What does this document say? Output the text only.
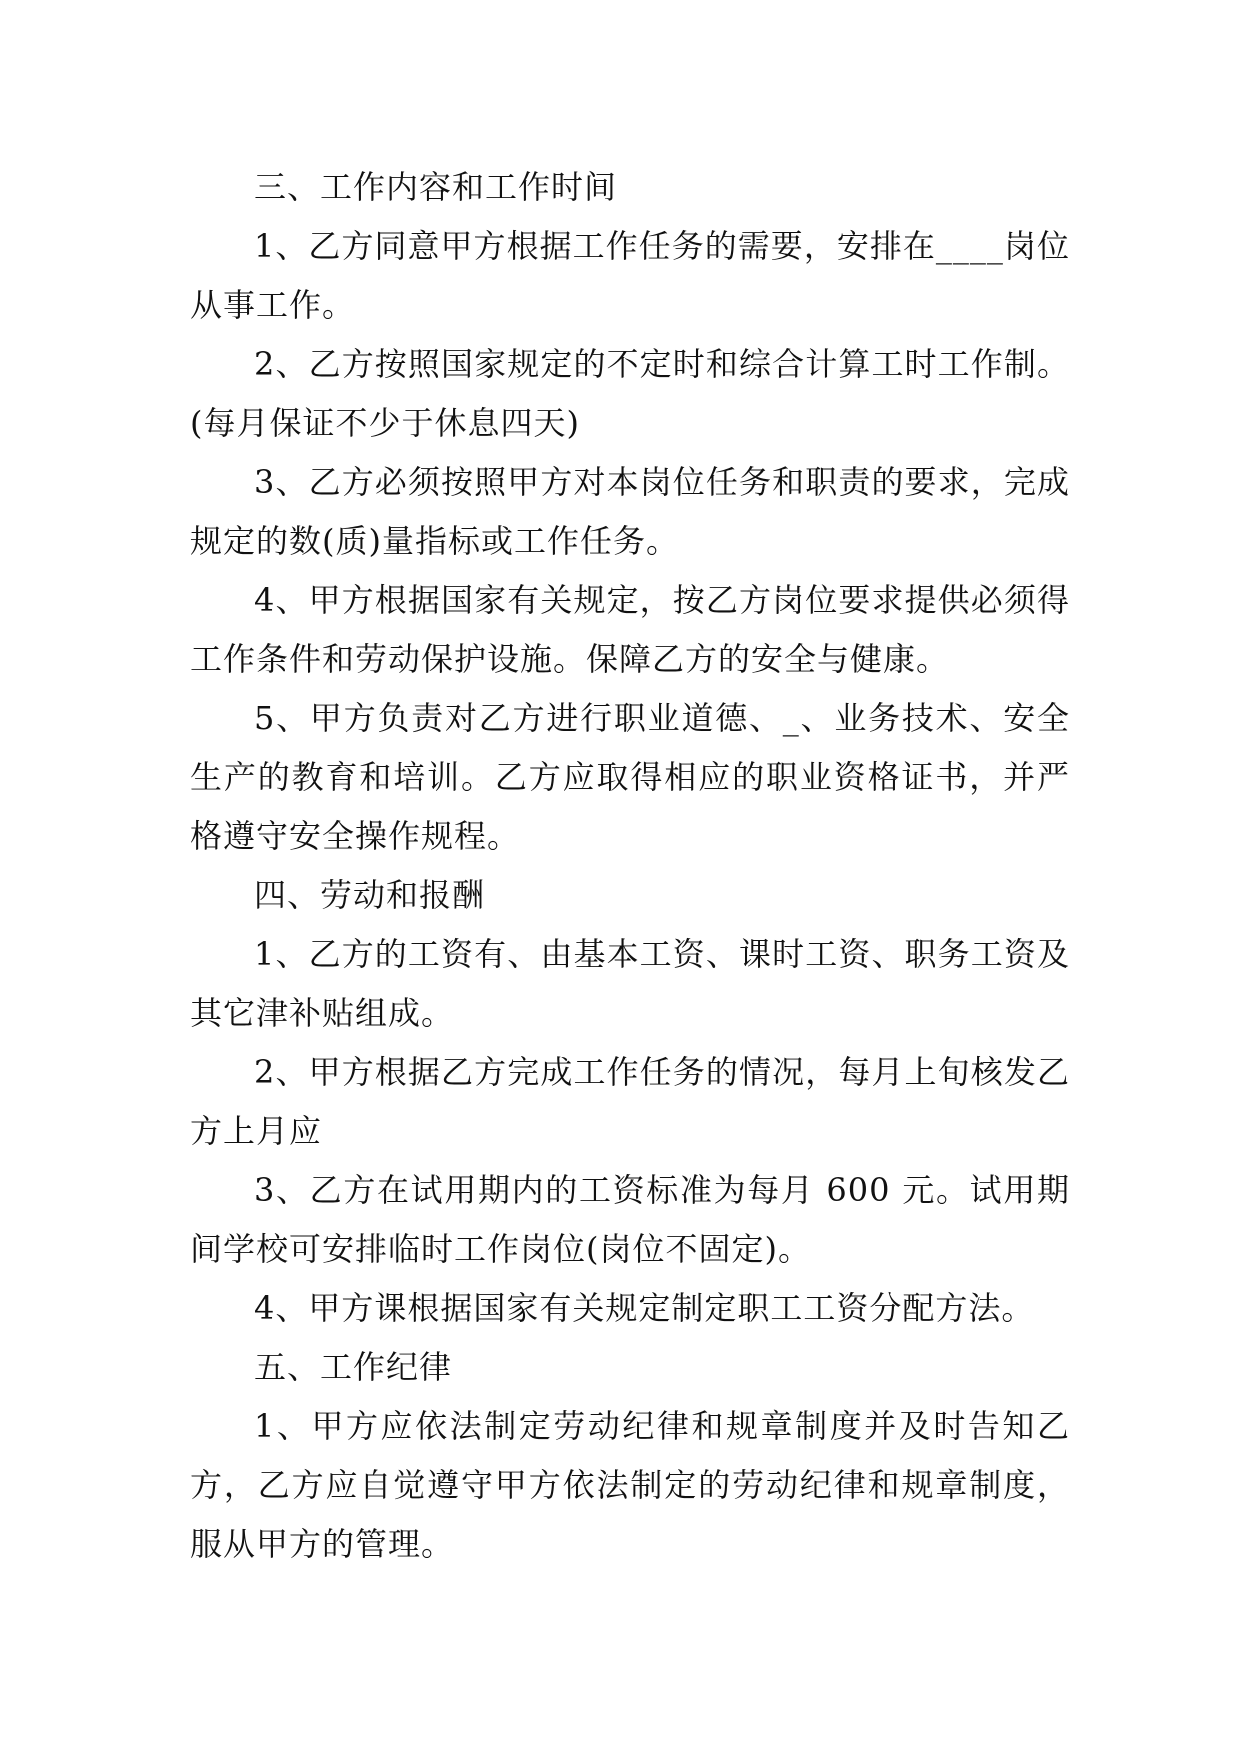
三、工作内容和工作时间

1、乙方同意甲方根据工作任务的需要，安排在____岗位从事工作。

2、乙方按照国家规定的不定时和综合计算工时工作制。(每月保证不少于休息四天)

3、乙方必须按照甲方对本岗位任务和职责的要求，完成规定的数(质)量指标或工作任务。

4、甲方根据国家有关规定，按乙方岗位要求提供必须得工作条件和劳动保护设施。保障乙方的安全与健康。

5、甲方负责对乙方进行职业道德、_、业务技术、安全生产的教育和培训。乙方应取得相应的职业资格证书，并严格遵守安全操作规程。

四、劳动和报酬

1、乙方的工资有、由基本工资、课时工资、职务工资及其它津补贴组成。

2、甲方根据乙方完成工作任务的情况，每月上旬核发乙方上月应

3、乙方在试用期内的工资标准为每月 600 元。试用期间学校可安排临时工作岗位(岗位不固定)。

4、甲方课根据国家有关规定制定职工工资分配方法。

五、工作纪律

1、甲方应依法制定劳动纪律和规章制度并及时告知乙方，乙方应自觉遵守甲方依法制定的劳动纪律和规章制度，服从甲方的管理。
